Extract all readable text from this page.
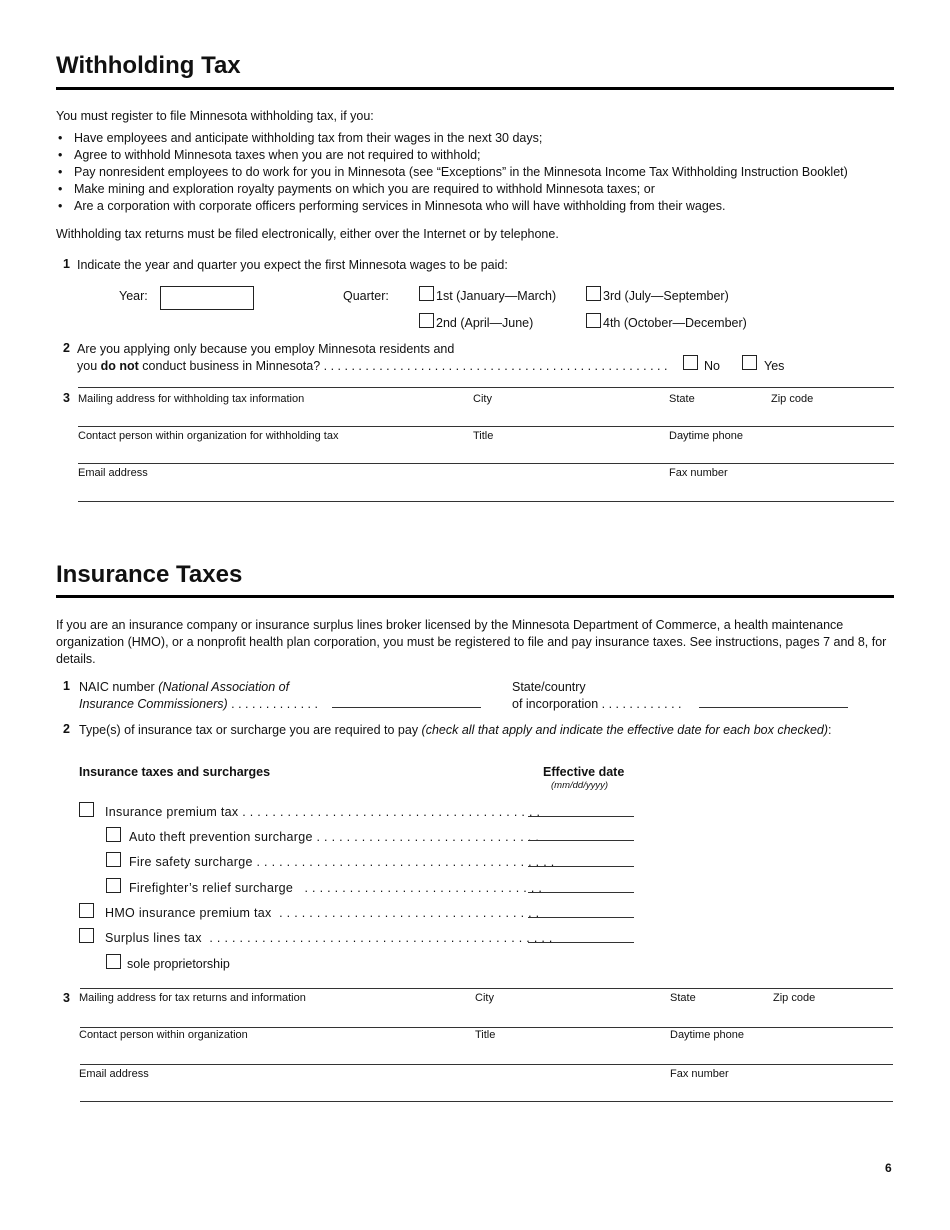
Withholding Tax
You must register to file Minnesota withholding tax, if you:
• Have employees and anticipate withholding tax from their wages in the next 30 days;
• Agree to withhold Minnesota taxes when you are not required to withhold;
• Pay nonresident employees to do work for you in Minnesota (see “Exceptions” in the Minnesota Income Tax Withholding Instruction Booklet)
• Make mining and exploration royalty payments on which you are required to withhold Minnesota taxes; or
• Are a corporation with corporate officers performing services in Minnesota who will have withholding from their wages.
Withholding tax returns must be filed electronically, either over the Internet or by telephone.
1 Indicate the year and quarter you expect the first Minnesota wages to be paid:
Year:	Quarter:	1st (January—March)	3rd (July—September)
2nd (April—June)	4th (October—December)
2 Are you applying only because you employ Minnesota residents and
you do not conduct business in Minnesota? . . . . . . . . . . . . . . . . . . . . . . . . . . . . . . . . . . . . . . . . . . . . . . . . . .	No	Yes
3 Mailing address for withholding tax information	City	State	Zip code
Contact person within organization for withholding tax	Title	Daytime phone
Email address	Fax number
Insurance Taxes
If you are an insurance company or insurance surplus lines broker licensed by the Minnesota Department of Commerce, a health maintenance organization (HMO), or a nonprofit health plan corporation, you must be registered to file and pay insurance taxes. See instructions, pages 7 and 8, for details.
1 NAIC number (National Association of
Insurance Commissioners) . . . . . . . . . . . . .
State/country
of incorporation . . . . . . . . . . . .
2 Type(s) of insurance tax or surcharge you are required to pay (check all that apply and indicate the effective date for each box checked):
Insurance taxes and surcharges	Effective date
(mm/dd/yyyy)
Insurance premium tax . . . . . . . . . . . . . . . . . . . . . . . . . . . . . . . . . . . . . . . .
Auto theft prevention surcharge . . . . . . . . . . . . . . . . . . . . . . . . . . . . . .
Fire safety surcharge . . . . . . . . . . . . . . . . . . . . . . . . . . . . . . . . . . . . . . . .
Firefighter’s relief surcharge   . . . . . . . . . . . . . . . . . . . . . . . . . . . . . . . .
HMO insurance premium tax  . . . . . . . . . . . . . . . . . . . . . . . . . . . . . . . . . . .
Surplus lines tax  . . . . . . . . . . . . . . . . . . . . . . . . . . . . . . . . . . . . . . . . . . . . . .
sole proprietorship
3 Mailing address for tax returns and information	City	State	Zip code
Contact person within organization	Title	Daytime phone
Email address	Fax number
6
